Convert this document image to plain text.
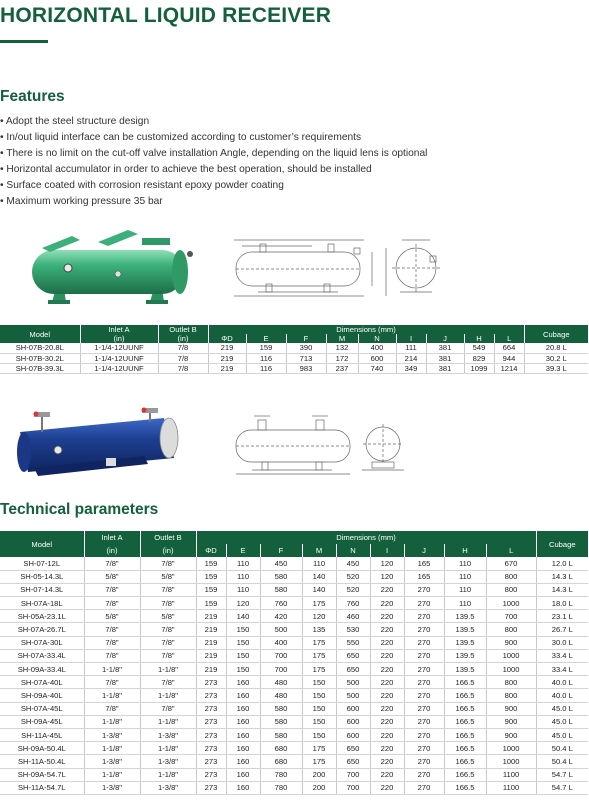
HORIZONTAL LIQUID RECEIVER
Features
• Adopt the steel structure design
• In/out liquid interface can be customized according to customer’s requirements
• There is no limit on the cut-off valve installation Angle, depending on the liquid lens is optional
• Horizontal accumulator in order to achieve the best operation, should be installed
• Surface coated with corrosion resistant epoxy powder coating
• Maximum working pressure 35 bar
Model	Inlet A	Outlet B	Dimensions (mm)									Cubage
	(in)	(in)	ΦD	E	F	M	N	I	J	H	L	
SH-07B-20.8L	1-1/4-12UUNF	7/8	219	159	390	132	400	111	381	549	664	20.8 L
SH-07B-30.2L	1-1/4-12UUNF	7/8	219	116	713	172	600	214	381	829	944	30.2 L
SH-07B-39.3L	1-1/4-12UUNF	7/8	219	116	983	237	740	349	381	1099	1214	39.3 L
Technical parameters
Model	Inlet A	Outlet B	Dimensions (mm)									Cubage
	(in)	(in)	ΦD	E	F	M	N	I	J	H	L	
SH-07-12L	7/8"	7/8"	159	110	450	110	450	120	165	110	670	12.0 L
SH-05-14.3L	5/8"	5/8"	159	110	580	140	520	120	165	110	800	14.3 L
SH-07-14.3L	7/8"	7/8"	159	110	580	140	520	220	270	110	800	14.3 L
SH-07A-18L	7/8"	7/8"	159	120	760	175	760	220	270	110	1000	18.0 L
SH-05A-23.1L	5/8"	5/8"	219	140	420	120	460	220	270	139.5	700	23.1 L
SH-07A-26.7L	7/8"	7/8"	219	150	500	135	530	220	270	139.5	800	26.7 L
SH-07A-30L	7/8"	7/8"	219	150	400	175	550	220	270	139.5	900	30.0 L
SH-07A-33.4L	7/8"	7/8"	219	150	700	175	650	220	270	139.5	1000	33.4 L
SH-09A-33.4L	1-1/8"	1-1/8"	219	150	700	175	650	220	270	139.5	1000	33.4 L
SH-07A-40L	7/8"	7/8"	273	160	480	150	500	220	270	166.5	800	40.0 L
SH-09A-40L	1-1/8"	1-1/8"	273	160	480	150	500	220	270	166.5	800	40.0 L
SH-07A-45L	7/8"	7/8"	273	160	580	150	600	220	270	166.5	900	45.0 L
SH-09A-45L	1-1/8"	1-1/8"	273	160	580	150	600	220	270	166.5	900	45.0 L
SH-11A-45L	1-3/8"	1-3/8"	273	160	580	150	600	220	270	166.5	900	45.0 L
SH-09A-50.4L	1-1/8"	1-1/8"	273	160	680	175	650	220	270	166.5	1000	50.4 L
SH-11A-50.4L	1-3/8"	1-3/8"	273	160	680	175	650	220	270	166.5	1000	50.4 L
SH-09A-54.7L	1-1/8"	1-1/8"	273	160	780	200	700	220	270	166.5	1100	54.7 L
SH-11A-54.7L	1-3/8"	1-3/8"	273	160	780	200	700	220	270	166.5	1100	54.7 L
